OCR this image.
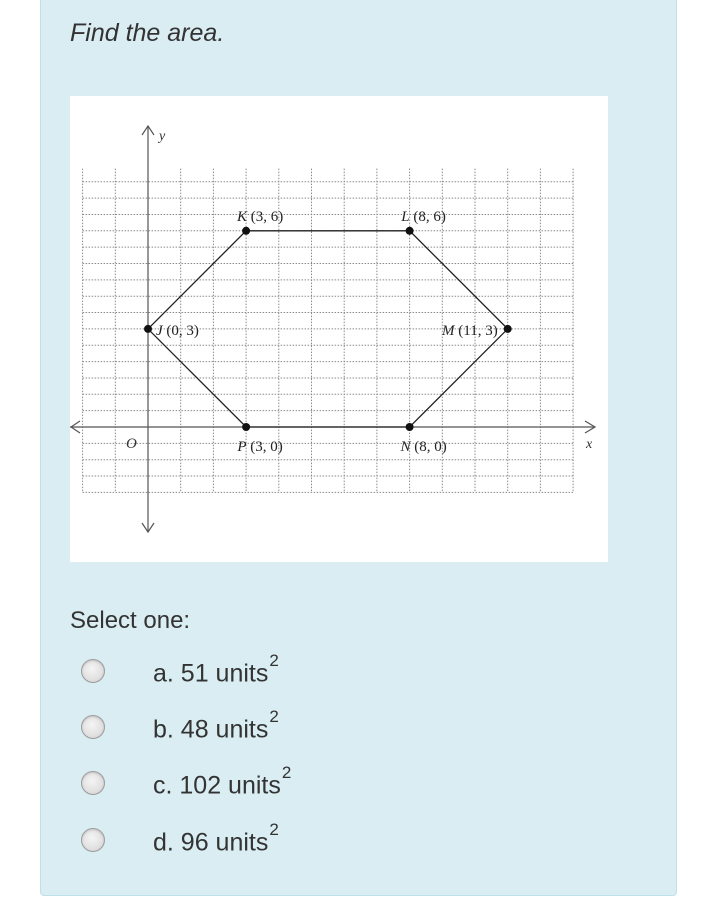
Find the area.
y
x
O
J (0, 3)
K (3, 6)	L (8, 6)
M (11, 3)
N (8, 0)
P (3, 0)
Select one:
a. 51 units$^2$
b. 48 units$^2$
c. 102 units$^2$
d. 96 units$^2$
